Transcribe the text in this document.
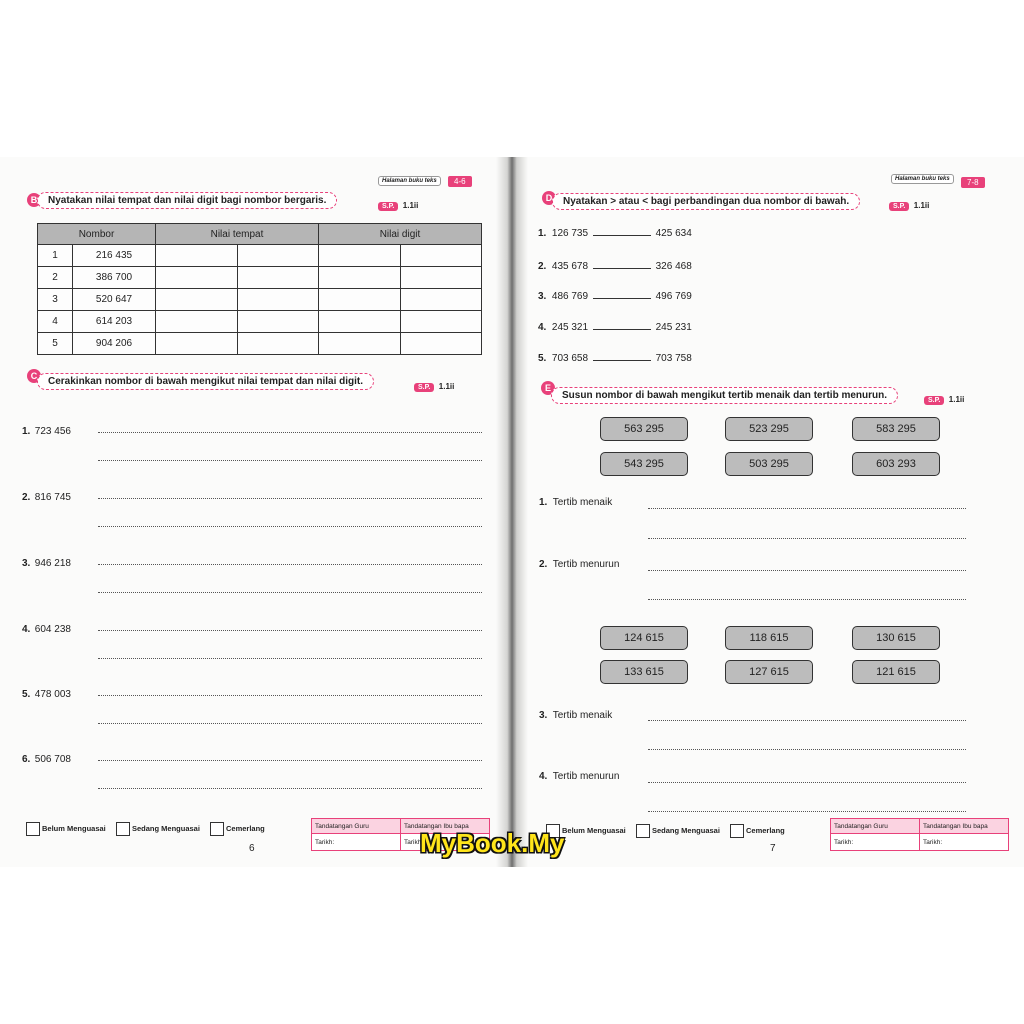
Halaman buku teks	4-6
B	Nyatakan nilai tempat dan nilai digit bagi nombor bergaris.
S.P. 1.1ii
Nombor		Nilai tempat		Nilai digit	
1	216 435				
2	386 700				
3	520 647				
4	614 203				
5	904 206				
C	Cerakinkan nombor di bawah mengikut nilai tempat dan nilai digit.
S.P. 1.1ii
1. 723 456
2. 816 745
3. 946 218
4. 604 238
5. 478 003
6. 506 708
Belum Menguasai	Sedang Menguasai	Cemerlang	Tandatangan Guru	Tandatangan Ibu bapa
Tarikh:	Tarikh:
6
Halaman buku teks	7-8
D	Nyatakan > atau < bagi perbandingan dua nombor di bawah.	S.P. 1.1ii
1. 126 735	425 634
2. 435 678	326 468
3. 486 769	496 769
4. 245 321	245 231
5. 703 658	703 758
E
Susun nombor di bawah mengikut tertib menaik dan tertib menurun.	S.P. 1.1ii
563 295	523 295	583 295
543 295	503 295	603 293
1. Tertib menaik
2. Tertib menurun
124 615	118 615	130 615
133 615	127 615	121 615
3. Tertib menaik
4. Tertib menurun
Belum Menguasai	Sedang Menguasai	Cemerlang	Tandatangan Guru	Tandatangan Ibu bapa
Tarikh:	Tarikh:
7
MyBook.My
